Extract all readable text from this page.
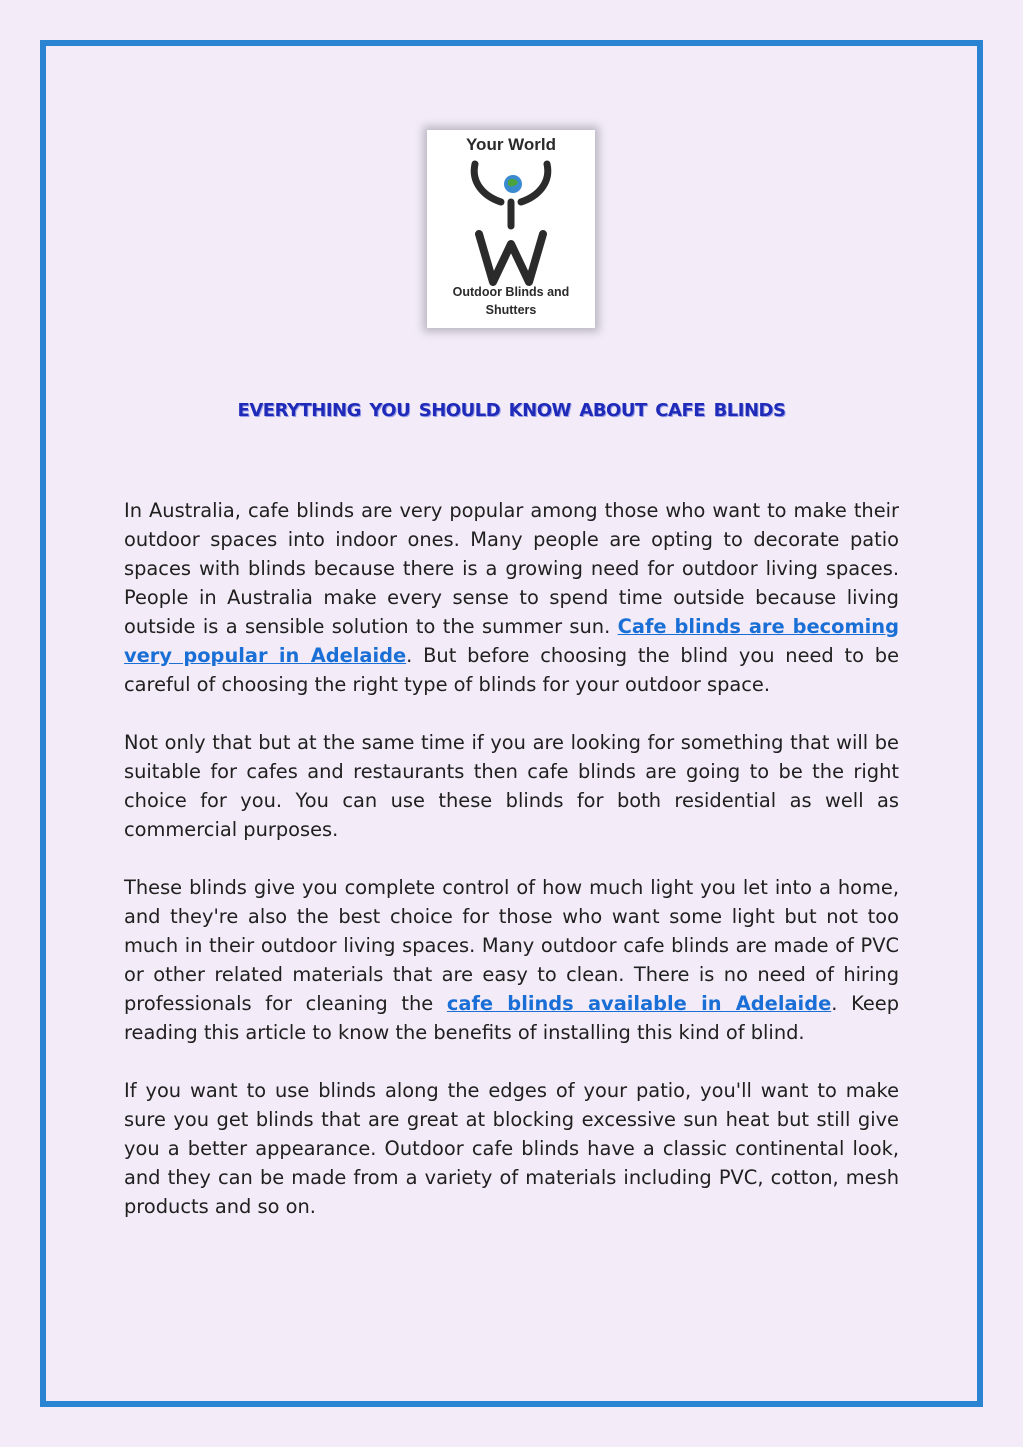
Your World
Outdoor Blinds and
Shutters
everything you should know about cafe blinds

In Australia, cafe blinds are very popular among those who want to make their outdoor spaces into indoor ones. Many people are opting to decorate patio spaces with blinds because there is a growing need for outdoor living spaces. People in Australia make every sense to spend time outside because living outside is a sensible solution to the summer sun. Cafe blinds are becoming very popular in Adelaide. But before choosing the blind you need to be careful of choosing the right type of blinds for your outdoor space.

Not only that but at the same time if you are looking for something that will be suitable for cafes and restaurants then cafe blinds are going to be the right choice for you. You can use these blinds for both residential as well as commercial purposes.

These blinds give you complete control of how much light you let into a home, and they're also the best choice for those who want some light but not too much in their outdoor living spaces. Many outdoor cafe blinds are made of PVC or other related materials that are easy to clean. There is no need of hiring professionals for cleaning the cafe blinds available in Adelaide. Keep reading this article to know the benefits of installing this kind of blind.

If you want to use blinds along the edges of your patio, you'll want to make sure you get blinds that are great at blocking excessive sun heat but still give you a better appearance. Outdoor cafe blinds have a classic continental look, and they can be made from a variety of materials including PVC, cotton, mesh products and so on.
